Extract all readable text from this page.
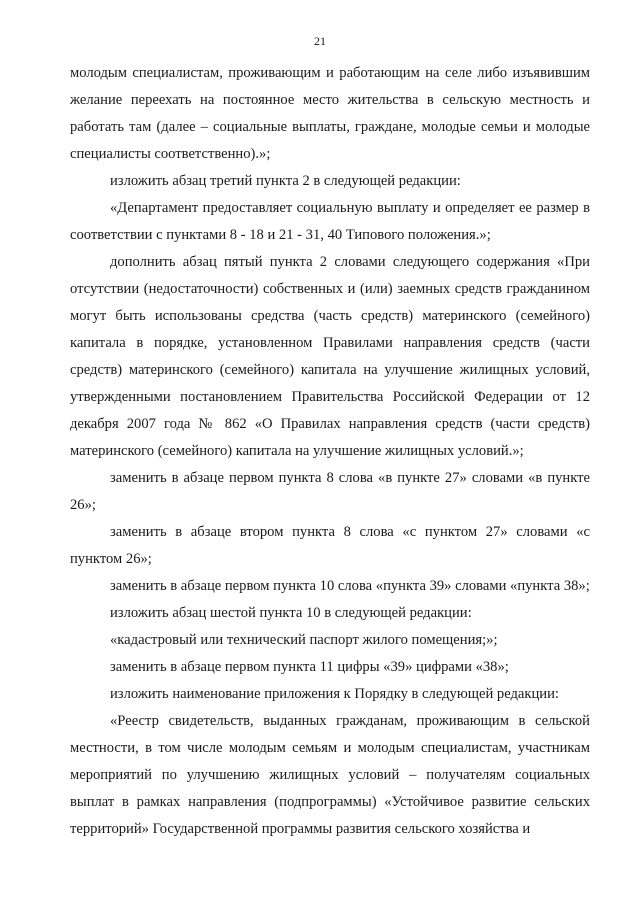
21

молодым специалистам, проживающим и работающим на селе либо изъявившим желание переехать на постоянное место жительства в сельскую местность и работать там (далее – социальные выплаты, граждане, молодые семьи и молодые специалисты соответственно).»;

изложить абзац третий пункта 2 в следующей редакции:

«Департамент предоставляет социальную выплату и определяет ее размер в соответствии с пунктами 8 - 18 и 21 - 31, 40 Типового положения.»;

дополнить абзац пятый пункта 2 словами следующего содержания «При отсутствии (недостаточности) собственных и (или) заемных средств гражданином могут быть использованы средства (часть средств) материнского (семейного) капитала в порядке, установленном Правилами направления средств (части средств) материнского (семейного) капитала на улучшение жилищных условий, утвержденными постановлением Правительства Российской Федерации от 12 декабря 2007 года № 862 «О Правилах направления средств (части средств) материнского (семейного) капитала на улучшение жилищных условий.»;

заменить в абзаце первом пункта 8 слова «в пункте 27» словами «в пункте 26»;

заменить в абзаце втором пункта 8 слова «с пунктом 27» словами «с пунктом 26»;

заменить в абзаце первом пункта 10 слова «пункта 39» словами «пункта 38»;

изложить абзац шестой пункта 10 в следующей редакции:

«кадастровый или технический паспорт жилого помещения;»;

заменить в абзаце первом пункта 11 цифры «39» цифрами «38»;

изложить наименование приложения к Порядку в следующей редакции:

«Реестр свидетельств, выданных гражданам, проживающим в сельской местности, в том числе молодым семьям и молодым специалистам, участникам мероприятий по улучшению жилищных условий – получателям социальных выплат в рамках направления (подпрограммы) «Устойчивое развитие сельских территорий» Государственной программы развития сельского хозяйства и
